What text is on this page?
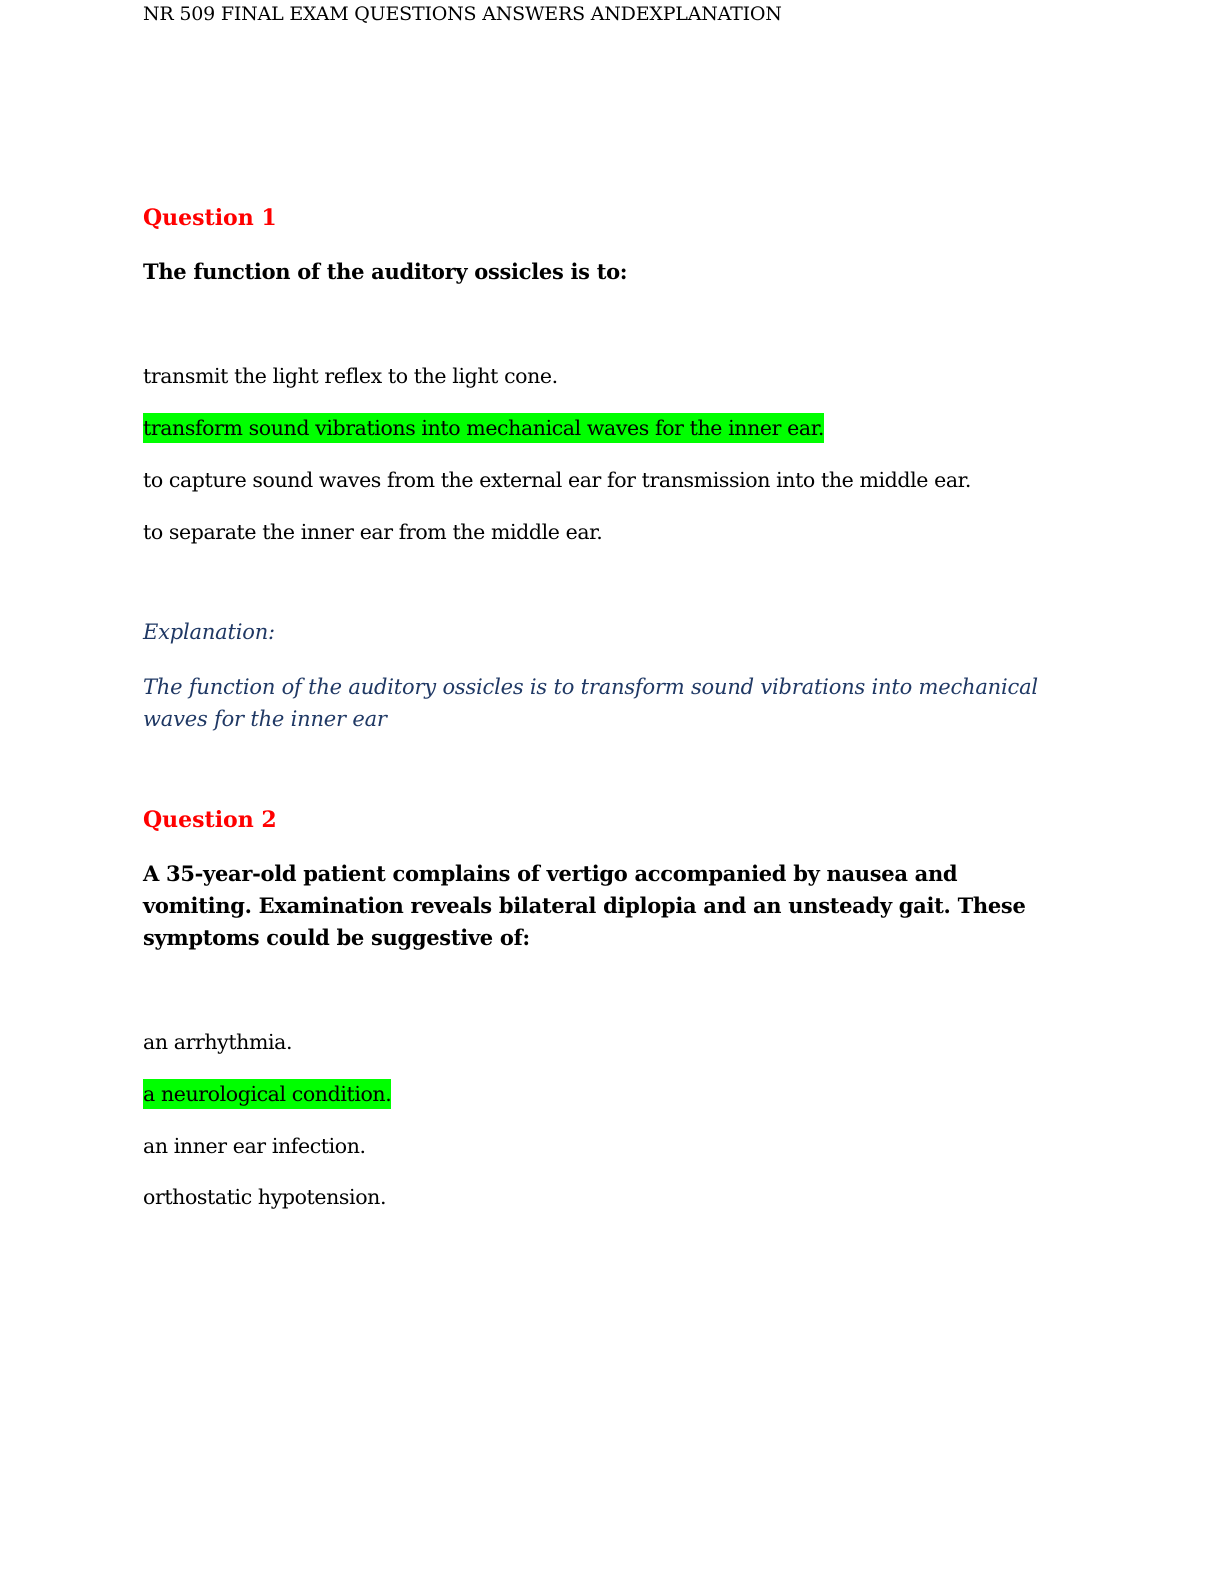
NR 509 FINAL EXAM QUESTIONS ANSWERS ANDEXPLANATION
Question 1
The function of the auditory ossicles is to:
transmit the light reflex to the light cone.
transform sound vibrations into mechanical waves for the inner ear.
to capture sound waves from the external ear for transmission into the middle ear.
to separate the inner ear from the middle ear.
Explanation:
The function of the auditory ossicles is to transform sound vibrations into mechanical waves for the inner ear
Question 2
A 35-year-old patient complains of vertigo accompanied by nausea and vomiting. Examination reveals bilateral diplopia and an unsteady gait. These symptoms could be suggestive of:
an arrhythmia.
a neurological condition.
an inner ear infection.
orthostatic hypotension.
